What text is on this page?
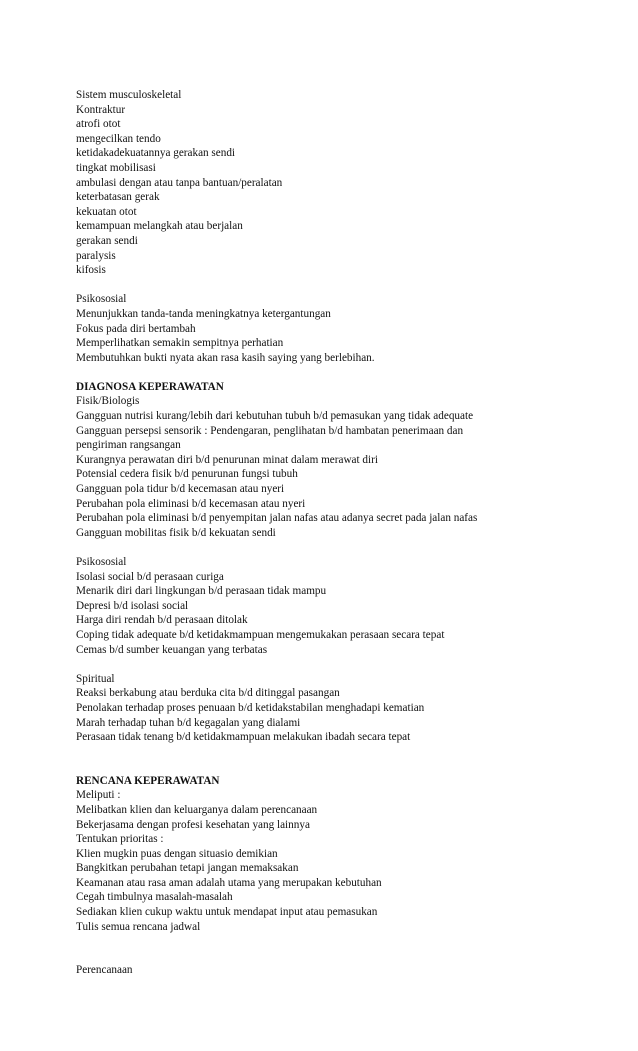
Sistem musculoskeletal
Kontraktur
atrofi otot
mengecilkan tendo
ketidakadekuatannya gerakan sendi
tingkat mobilisasi
ambulasi dengan atau tanpa bantuan/peralatan
keterbatasan gerak
kekuatan otot
kemampuan melangkah atau berjalan
gerakan sendi
paralysis
kifosis
Psikososial
Menunjukkan tanda-tanda meningkatnya ketergantungan
Fokus pada diri bertambah
Memperlihatkan semakin sempitnya perhatian
Membutuhkan bukti nyata akan rasa kasih saying yang berlebihan.
DIAGNOSA KEPERAWATAN
Fisik/Biologis
Gangguan nutrisi kurang/lebih dari kebutuhan tubuh b/d pemasukan yang tidak adequate
Gangguan persepsi sensorik : Pendengaran, penglihatan b/d hambatan penerimaan dan
pengiriman rangsangan
Kurangnya perawatan diri b/d penurunan minat dalam merawat diri
Potensial cedera fisik b/d penurunan fungsi tubuh
Gangguan pola tidur b/d kecemasan atau nyeri
Perubahan pola eliminasi b/d kecemasan atau nyeri
Perubahan pola eliminasi b/d penyempitan jalan nafas atau adanya secret pada jalan nafas
Gangguan mobilitas fisik b/d kekuatan sendi
Psikososial
Isolasi social b/d perasaan curiga
Menarik diri dari lingkungan b/d perasaan tidak mampu
Depresi b/d isolasi social
Harga diri rendah b/d perasaan ditolak
Coping tidak adequate b/d ketidakmampuan mengemukakan perasaan secara tepat
Cemas b/d sumber keuangan yang terbatas
Spiritual
Reaksi berkabung atau berduka cita b/d ditinggal pasangan
Penolakan terhadap proses penuaan b/d ketidakstabilan menghadapi kematian
Marah terhadap tuhan b/d kegagalan yang dialami
Perasaan tidak tenang b/d ketidakmampuan melakukan ibadah secara tepat
RENCANA KEPERAWATAN
Meliputi :
Melibatkan klien dan keluarganya dalam perencanaan
Bekerjasama dengan profesi kesehatan yang lainnya
Tentukan prioritas :
Klien mugkin puas dengan situasio demikian
Bangkitkan perubahan tetapi jangan memaksakan
Keamanan atau rasa aman adalah utama yang merupakan kebutuhan
Cegah timbulnya masalah-masalah
Sediakan klien cukup waktu untuk mendapat input atau pemasukan
Tulis semua rencana jadwal
Perencanaan
